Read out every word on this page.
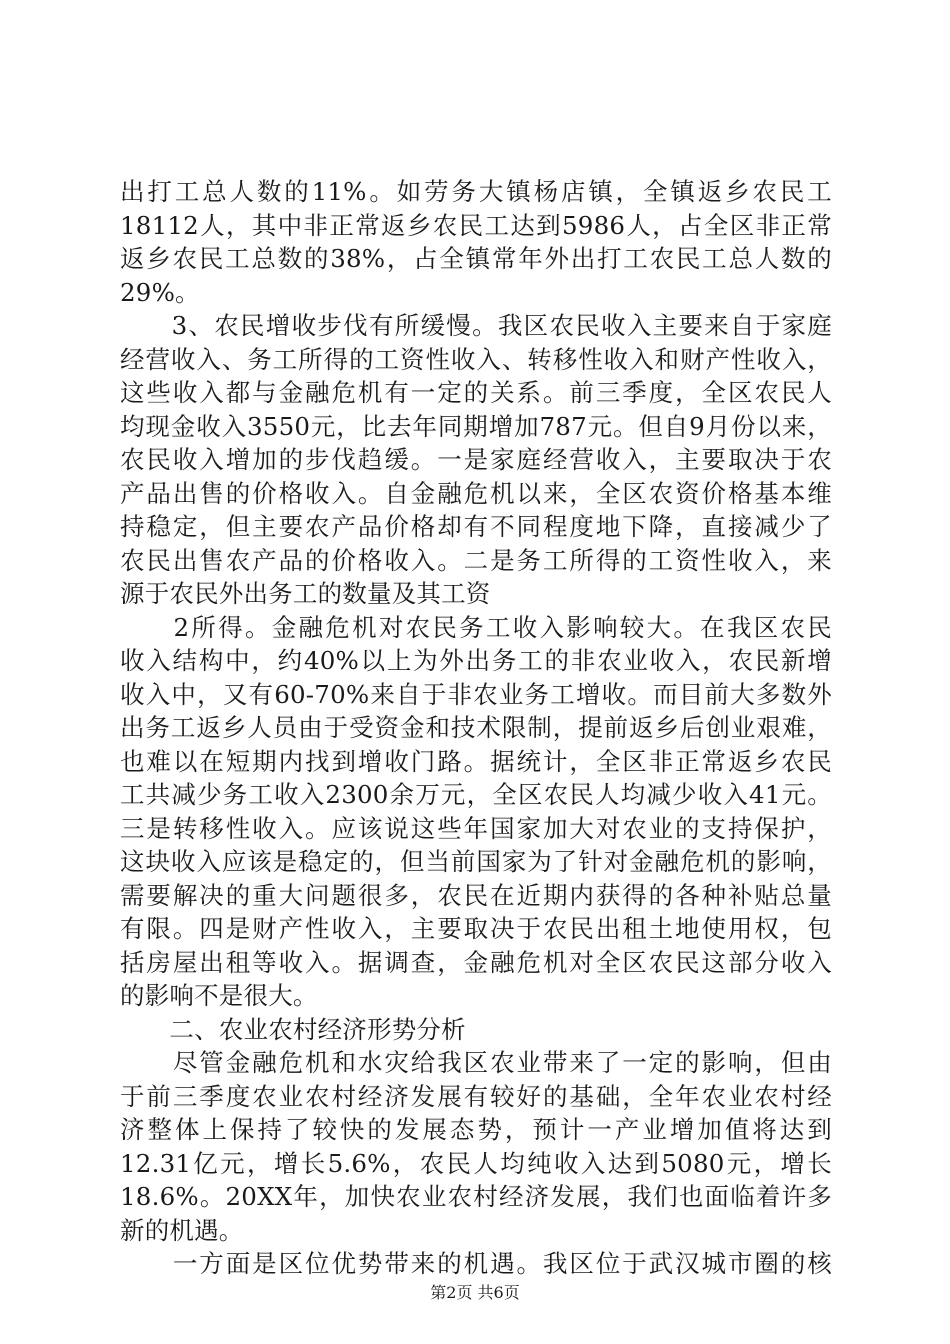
出打工总人数的11%。如劳务大镇杨店镇，全镇返乡农民工
18112人，其中非正常返乡农民工达到5986人，占全区非正常
返乡农民工总数的38%，占全镇常年外出打工农民工总人数的
29%。
　　3、农民增收步伐有所缓慢。我区农民收入主要来自于家庭
经营收入、务工所得的工资性收入、转移性收入和财产性收入，
这些收入都与金融危机有一定的关系。前三季度，全区农民人
均现金收入3550元，比去年同期增加787元。但自9月份以来，
农民收入增加的步伐趋缓。一是家庭经营收入，主要取决于农
产品出售的价格收入。自金融危机以来，全区农资价格基本维
持稳定，但主要农产品价格却有不同程度地下降，直接减少了
农民出售农产品的价格收入。二是务工所得的工资性收入，来
源于农民外出务工的数量及其工资
　　2所得。金融危机对农民务工收入影响较大。在我区农民
收入结构中，约40%以上为外出务工的非农业收入，农民新增
收入中，又有60-70%来自于非农业务工增收。而目前大多数外
出务工返乡人员由于受资金和技术限制，提前返乡后创业艰难，
也难以在短期内找到增收门路。据统计，全区非正常返乡农民
工共减少务工收入2300余万元，全区农民人均减少收入41元。
三是转移性收入。应该说这些年国家加大对农业的支持保护，
这块收入应该是稳定的，但当前国家为了针对金融危机的影响，
需要解决的重大问题很多，农民在近期内获得的各种补贴总量
有限。四是财产性收入，主要取决于农民出租土地使用权，包
括房屋出租等收入。据调查，金融危机对全区农民这部分收入
的影响不是很大。
　　二、农业农村经济形势分析
　　尽管金融危机和水灾给我区农业带来了一定的影响，但由
于前三季度农业农村经济发展有较好的基础，全年农业农村经
济整体上保持了较快的发展态势，预计一产业增加值将达到
12.31亿元，增长5.6%，农民人均纯收入达到5080元，增长
18.6%。20XX年，加快农业农村经济发展，我们也面临着许多
新的机遇。
　　一方面是区位优势带来的机遇。我区位于武汉城市圈的核
第2页 共6页
